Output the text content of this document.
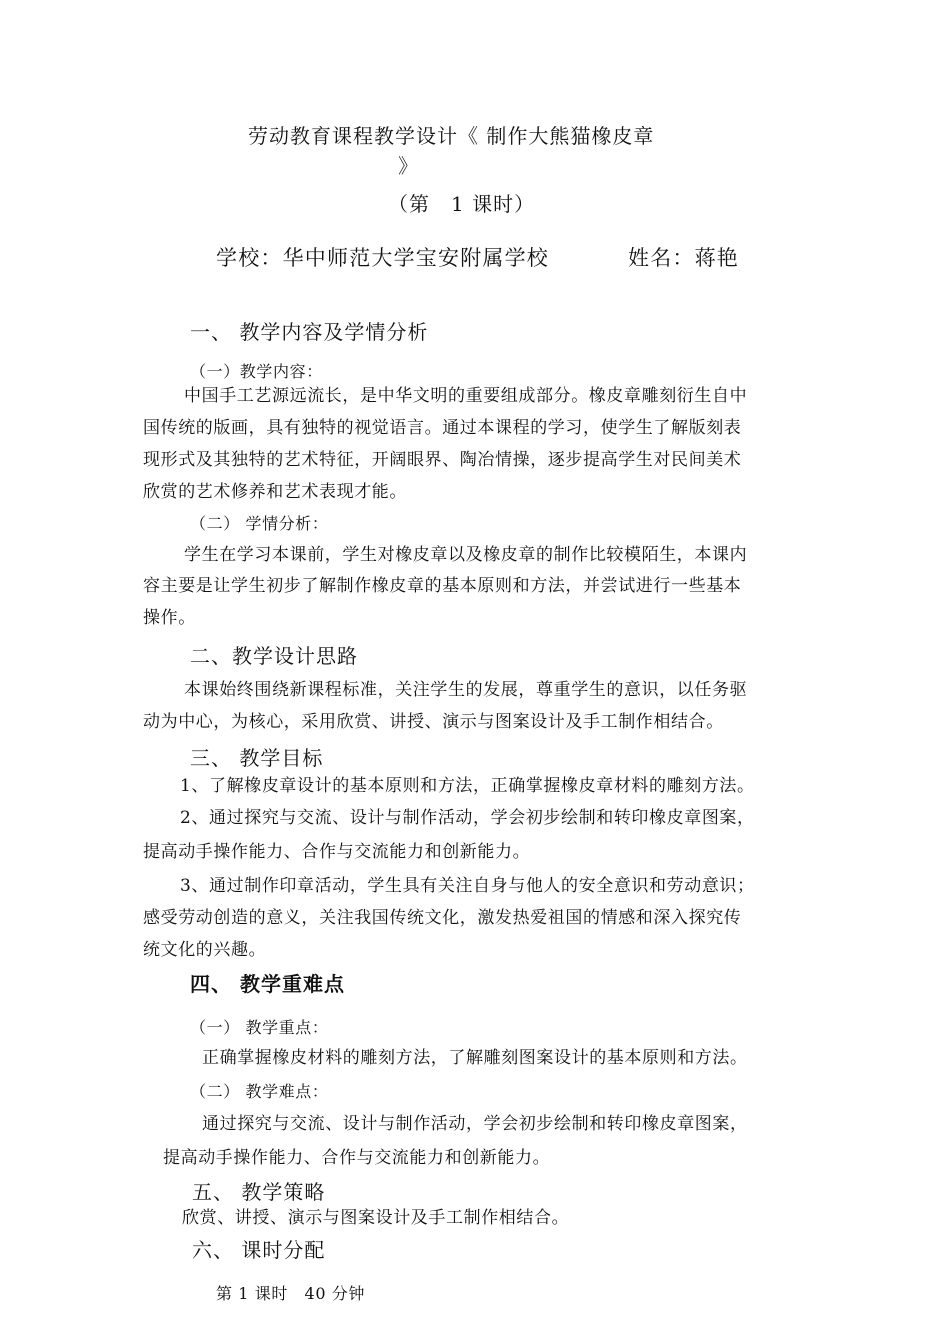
劳动教育课程教学设计《 制作大熊猫橡皮章
》
（第　1 课时）
学校：华中师范大学宝安附属学校	姓名：蒋艳
一、 教学内容及学情分析
（一）教学内容：
中国手工艺源远流长，是中华文明的重要组成部分。橡皮章雕刻衍生自中
国传统的版画，具有独特的视觉语言。通过本课程的学习，使学生了解版刻表
现形式及其独特的艺术特征，开阔眼界、陶冶情操，逐步提高学生对民间美术
欣赏的艺术修养和艺术表现才能。
（二） 学情分析：
学生在学习本课前，学生对橡皮章以及橡皮章的制作比较模陌生，本课内
容主要是让学生初步了解制作橡皮章的基本原则和方法，并尝试进行一些基本
操作。
二、教学设计思路
本课始终围绕新课程标准，关注学生的发展，尊重学生的意识，以任务驱
动为中心，为核心，采用欣赏、讲授、演示与图案设计及手工制作相结合。
三、 教学目标
1、了解橡皮章设计的基本原则和方法，正确掌握橡皮章材料的雕刻方法。
2、通过探究与交流、设计与制作活动，学会初步绘制和转印橡皮章图案，
提高动手操作能力、合作与交流能力和创新能力。
3、通过制作印章活动，学生具有关注自身与他人的安全意识和劳动意识；
感受劳动创造的意义，关注我国传统文化，激发热爱祖国的情感和深入探究传
统文化的兴趣。
四、 教学重难点
（一） 教学重点：
正确掌握橡皮材料的雕刻方法，了解雕刻图案设计的基本原则和方法。
（二） 教学难点：
通过探究与交流、设计与制作活动，学会初步绘制和转印橡皮章图案，
提高动手操作能力、合作与交流能力和创新能力。
五、 教学策略
欣赏、讲授、演示与图案设计及手工制作相结合。
六、 课时分配
第 1 课时　40 分钟
